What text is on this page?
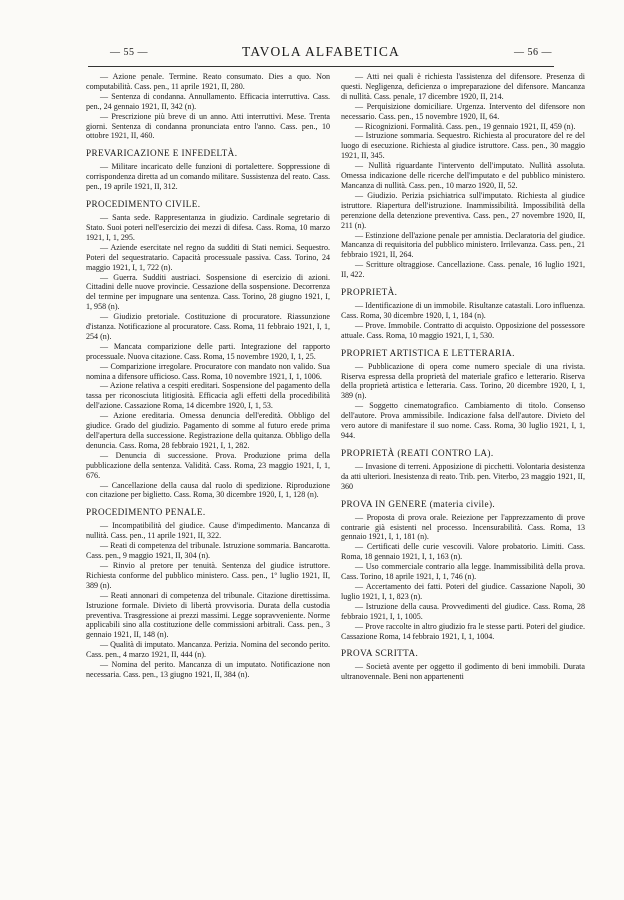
— 55 —	TAVOLA ALFABETICA	— 56 —

— Azione penale. Termine. Reato consumato. Dies a quo. Non computabilità. Cass. pen., 11 aprile 1921, II, 280.

— Sentenza di condanna. Annullamento. Efficacia interruttiva. Cass. pen., 24 gennaio 1921, II, 342 (n).

— Prescrizione più breve di un anno. Atti interruttivi. Mese. Trenta giorni. Sentenza di condanna pronunciata entro l'anno. Cass. pen., 10 ottobre 1921, II, 460.

PREVARICAZIONE E INFEDELTÀ.

— Militare incaricato delle funzioni di portalettere. Soppressione di corrispondenza diretta ad un comando militare. Sussistenza del reato. Cass. pen., 19 aprile 1921, II, 312.

PROCEDIMENTO CIVILE.

— Santa sede. Rappresentanza in giudizio. Cardinale segretario di Stato. Suoi poteri nell'esercizio dei mezzi di difesa. Cass. Roma, 10 marzo 1921, I, 1, 295.

— Aziende esercitate nel regno da sudditi di Stati nemici. Sequestro. Poteri del sequestratario. Capacità processuale passiva. Cass. Torino, 24 maggio 1921, I, 1, 722 (n).

— Guerra. Sudditi austriaci. Sospensione di esercizio di azioni. Cittadini delle nuove provincie. Cessazione della sospensione. Decorrenza del termine per impugnare una sentenza. Cass. Torino, 28 giugno 1921, I, 1, 958 (n).

— Giudizio pretoriale. Costituzione di procuratore. Riassunzione d'istanza. Notificazione al procuratore. Cass. Roma, 11 febbraio 1921, I, 1, 254 (n).

— Mancata comparizione delle parti. Integrazione del rapporto processuale. Nuova citazione. Cass. Roma, 15 novembre 1920, I, 1, 25.

— Comparizione irregolare. Procuratore con mandato non valido. Sua nomina a difensore ufficioso. Cass. Roma, 10 novembre 1921, I, 1, 1006.

— Azione relativa a cespiti ereditari. Sospensione del pagamento della tassa per riconosciuta litigiosità. Efficacia agli effetti della procedibilità dell'azione. Cassazione Roma, 14 dicembre 1920, I, 1, 53.

— Azione ereditaria. Omessa denuncia dell'eredità. Obbligo del giudice. Grado del giudizio. Pagamento di somme al futuro erede prima dell'apertura della successione. Registrazione della quitanza. Obbligo della denuncia. Cass. Roma, 28 febbraio 1921, I, 1, 282.

— Denuncia di successione. Prova. Produzione prima della pubblicazione della sentenza. Validità. Cass. Roma, 23 maggio 1921, I, 1, 676.

— Cancellazione della causa dal ruolo di spedizione. Riproduzione con citazione per biglietto. Cass. Roma, 30 dicembre 1920, I, 1, 128 (n).

PROCEDIMENTO PENALE.

— Incompatibilità del giudice. Cause d'impedimento. Mancanza di nullità. Cass. pen., 11 aprile 1921, II, 322.

— Reati di competenza del tribunale. Istruzione sommaria. Bancarotta. Cass. pen., 9 maggio 1921, II, 304 (n).

— Rinvio al pretore per tenuità. Sentenza del giudice istruttore. Richiesta conforme del pubblico ministero. Cass. pen., 1º luglio 1921, II, 389 (n).

— Reati annonari di competenza del tribunale. Citazione direttissima. Istruzione formale. Divieto di libertà provvisoria. Durata della custodia preventiva. Trasgressione ai prezzi massimi. Legge sopravveniente. Norme applicabili sino alla costituzione delle commissioni arbitrali. Cass. pen., 3 gennaio 1921, II, 148 (n).

— Qualità di imputato. Mancanza. Perizia. Nomina del secondo perito. Cass. pen., 4 marzo 1921, II, 444 (n).

— Nomina del perito. Mancanza di un imputato. Notificazione non necessaria. Cass. pen., 13 giugno 1921, II, 384 (n).

— Atti nei quali è richiesta l'assistenza del difensore. Presenza di questi. Negligenza, deficienza o impreparazione del difensore. Mancanza di nullità. Cass. penale, 17 dicembre 1920, II, 214.

— Perquisizione domiciliare. Urgenza. Intervento del difensore non necessario. Cass. pen., 15 novembre 1920, II, 64.

— Ricognizioni. Formalità. Cass. pen., 19 gennaio 1921, II, 459 (n).

— Istruzione sommaria. Sequestro. Richiesta al procuratore del re del luogo di esecuzione. Richiesta al giudice istruttore. Cass. pen., 30 maggio 1921, II, 345.

— Nullità riguardante l'intervento dell'imputato. Nullità assoluta. Omessa indicazione delle ricerche dell'imputato e del pubblico ministero. Mancanza di nullità. Cass. pen., 10 marzo 1920, II, 52.

— Giudizio. Perizia psichiatrica sull'imputato. Richiesta al giudice istruttore. Riapertura dell'istruzione. Inammissibilità. Impossibilità della perenzione della detenzione preventiva. Cass. pen., 27 novembre 1920, II, 211 (n).

— Estinzione dell'azione penale per amnistia. Declaratoria del giudice. Mancanza di requisitoria del pubblico ministero. Irrilevanza. Cass. pen., 21 febbraio 1921, II, 264.

— Scritture oltraggiose. Cancellazione. Cass. penale, 16 luglio 1921, II, 422.

PROPRIETÀ.

— Identificazione di un immobile. Risultanze catastali. Loro influenza. Cass. Roma, 30 dicembre 1920, I, 1, 184 (n).

— Prove. Immobile. Contratto di acquisto. Opposizione del possessore attuale. Cass. Roma, 10 maggio 1921, I, 1, 530.

PROPRIET ARTISTICA E LETTERARIA.

— Pubblicazione di opera come numero speciale di una rivista. Riserva espressa della proprietà del materiale grafico e letterario. Riserva della proprietà artistica e letteraria. Cass. Torino, 20 dicembre 1920, I, 1, 389 (n).

— Soggetto cinematografico. Cambiamento di titolo. Consenso dell'autore. Prova ammissibile. Indicazione falsa dell'autore. Divieto del vero autore di manifestare il suo nome. Cass. Roma, 30 luglio 1921, I, 1, 944.

PROPRIETÀ (REATI CONTRO LA).

— Invasione di terreni. Apposizione di picchetti. Volontaria desistenza da atti ulteriori. Inesistenza di reato. Trib. pen. Viterbo, 23 maggio 1921, II, 360

PROVA IN GENERE (materia civile).

— Proposta di prova orale. Reiezione per l'apprezzamento di prove contrarie già esistenti nel processo. Incensurabilità. Cass. Roma, 13 gennaio 1921, I, 1, 181 (n).

— Certificati delle curie vescovili. Valore probatorio. Limiti. Cass. Roma, 18 gennaio 1921, I, 1, 163 (n).

— Uso commerciale contrario alla legge. Inammissibilità della prova. Cass. Torino, 18 aprile 1921, I, 1, 746 (n).

— Accertamento dei fatti. Poteri del giudice. Cassazione Napoli, 30 luglio 1921, I, 1, 823 (n).

— Istruzione della causa. Provvedimenti del giudice. Cass. Roma, 28 febbraio 1921, I, 1, 1005.

— Prove raccolte in altro giudizio fra le stesse parti. Poteri del giudice. Cassazione Roma, 14 febbraio 1921, I, 1, 1004.

PROVA SCRITTA.

— Società avente per oggetto il godimento di beni immobili. Durata ultranovennale. Beni non appartenenti
